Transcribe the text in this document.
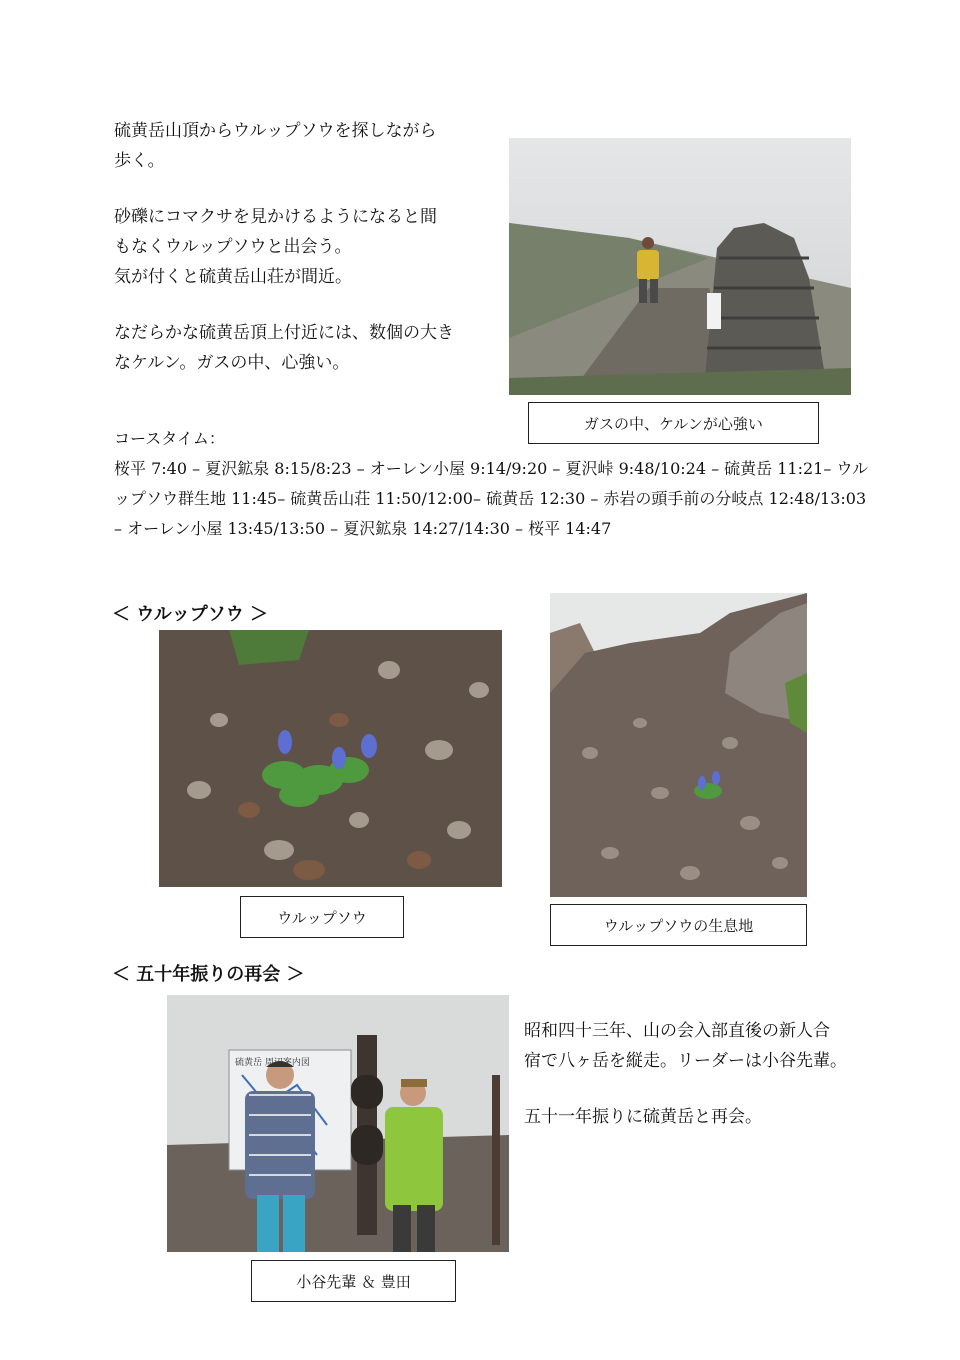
硫黄岳山頂からウルップソウを探しながら
歩く。

砂礫にコマクサを見かけるようになると間
もなくウルップソウと出会う。
気が付くと硫黄岳山荘が間近。

なだらかな硫黄岳頂上付近には、数個の大き
なケルン。ガスの中、心強い。

ガスの中、ケルンが心強い
コースタイム：
桜平 7:40 – 夏沢鉱泉 8:15/8:23 – オーレン小屋 9:14/9:20 – 夏沢峠 9:48/10:24 – 硫黄岳 11:21– ウルップソウ群生地 11:45– 硫黄岳山荘 11:50/12:00– 硫黄岳 12:30 – 赤岩の頭手前の分岐点 12:48/13:03 – オーレン小屋 13:45/13:50 – 夏沢鉱泉 14:27/14:30 – 桜平 14:47
＜ ウルップソウ ＞
ウルップソウ	ウルップソウの生息地
＜ 五十年振りの再会 ＞
硫黄岳 周辺案内図
小谷先輩 ＆ 豊田

昭和四十三年、山の会入部直後の新人合
宿で八ヶ岳を縦走。リーダーは小谷先輩。

五十一年振りに硫黄岳と再会。
